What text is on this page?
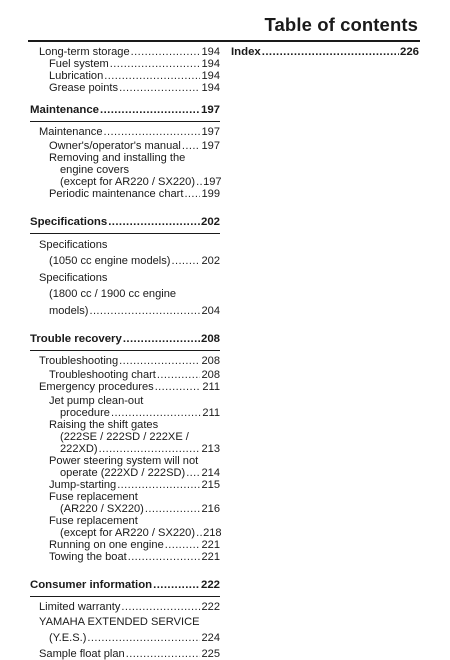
Table of contents
Long-term storage .....	194
Fuel system .....	194
Lubrication .....	194
Grease points .....	194
Maintenance .....	197
Maintenance .....	197
Owner's/operator's manual ..... 197
Removing and installing the
engine covers
(except for AR220 / SX220) ..... 197
Periodic maintenance chart ..... 199
Specifications .....	202
Specifications
(1050 cc engine models) .....	202
Specifications
(1800 cc / 1900 cc engine
models) .....	204
Trouble recovery .....	208
Troubleshooting .....	208
Troubleshooting chart .....	208
Emergency procedures .....	211
Jet pump clean-out
procedure .....	211
Raising the shift gates
(222SE / 222SD / 222XE /
222XD) .....	213
Power steering system will not
operate (222XD / 222SD) ..... 214
Jump-starting .....	215
Fuse replacement
(AR220 / SX220) .....	216
Fuse replacement
(except for AR220 / SX220) ..... 218
Running on one engine .....	221
Towing the boat .....	221
Consumer information .....	222
Limited warranty .....	222
YAMAHA EXTENDED SERVICE
(Y.E.S.) .....	224
Sample float plan .....	225
Index .....	226
